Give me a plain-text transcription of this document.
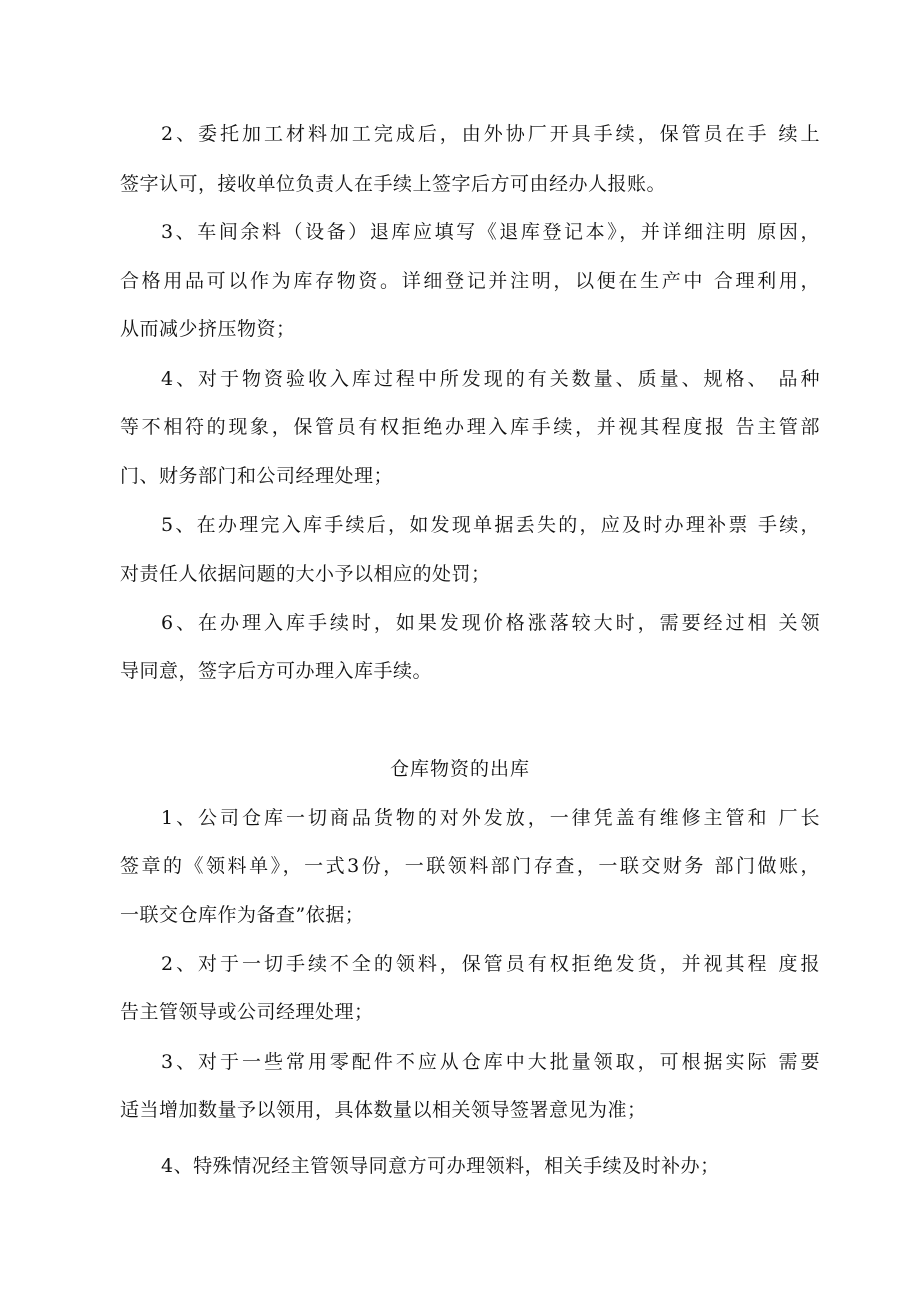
2、委托加工材料加工完成后，由外协厂开具手续，保管员在手 续上
签字认可，接收单位负责人在手续上签字后方可由经办人报账。
3、车间余料（设备）退库应填写《退库登记本》，并详细注明 原因，
合格用品可以作为库存物资。详细登记并注明，以便在生产中 合理利用，
从而减少挤压物资；
4、对于物资验收入库过程中所发现的有关数量、质量、规格、 品种
等不相符的现象，保管员有权拒绝办理入库手续，并视其程度报 告主管部
门、财务部门和公司经理处理；
5、在办理完入库手续后，如发现单据丢失的，应及时办理补票 手续，
对责任人依据问题的大小予以相应的处罚；
6、在办理入库手续时，如果发现价格涨落较大时，需要经过相 关领
导同意，签字后方可办理入库手续。
仓库物资的出库
1、公司仓库一切商品货物的对外发放，一律凭盖有维修主管和 厂长
签章的《领料单》，一式3份，一联领料部门存查，一联交财务 部门做账，
一联交仓库作为备查”依据；
2、对于一切手续不全的领料，保管员有权拒绝发货，并视其程 度报
告主管领导或公司经理处理；
3、对于一些常用零配件不应从仓库中大批量领取，可根据实际 需要
适当增加数量予以领用，具体数量以相关领导签署意见为准；
4、特殊情况经主管领导同意方可办理领料，相关手续及时补办；
